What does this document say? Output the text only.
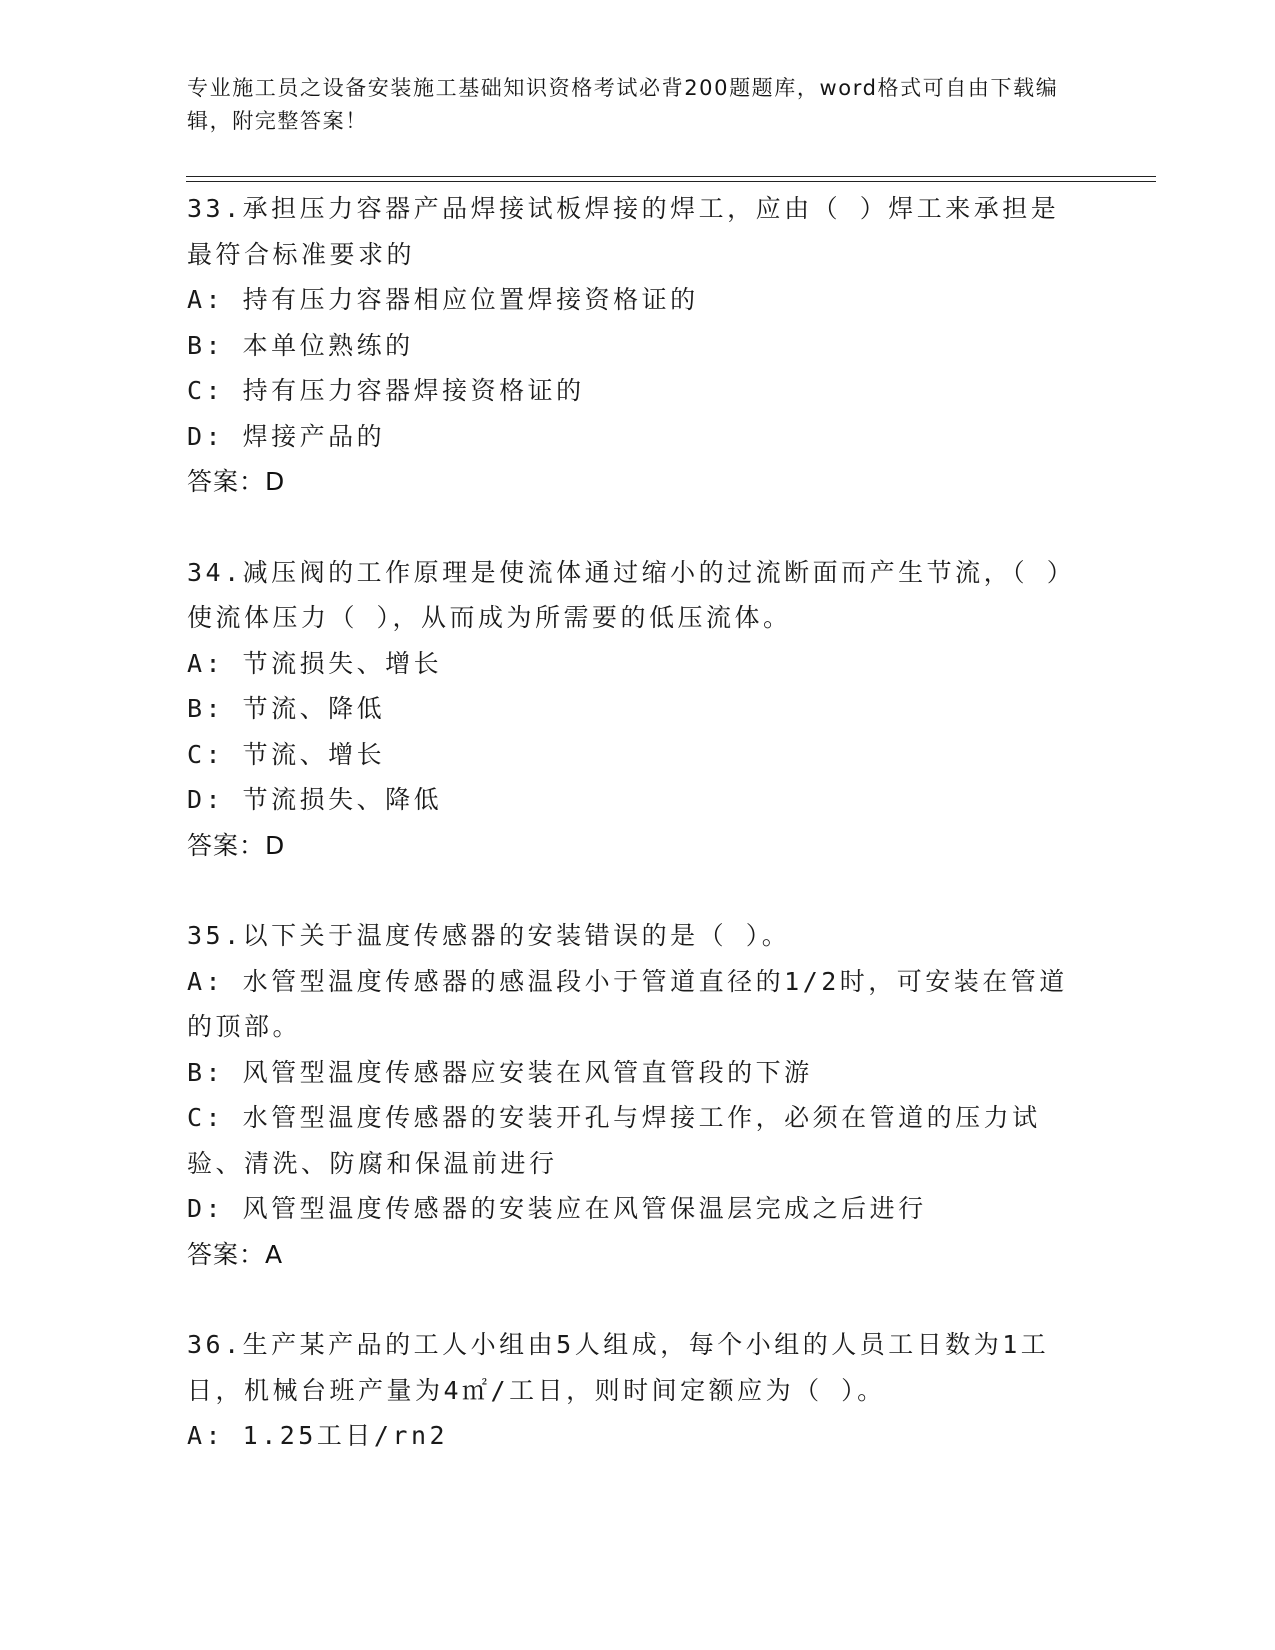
专业施工员之设备安装施工基础知识资格考试必背200题题库，word格式可自由下载编辑，附完整答案！

33.承担压力容器产品焊接试板焊接的焊工，应由（ ）焊工来承担是最符合标准要求的

A: 持有压力容器相应位置焊接资格证的

B: 本单位熟练的

C: 持有压力容器焊接资格证的

D: 焊接产品的

答案：D

34.减压阀的工作原理是使流体通过缩小的过流断面而产生节流，（ ）使流体压力（ ），从而成为所需要的低压流体。

A: 节流损失、增长

B: 节流、降低

C: 节流、增长

D: 节流损失、降低

答案：D

35.以下关于温度传感器的安装错误的是（ ）。

A: 水管型温度传感器的感温段小于管道直径的1/2时，可安装在管道的顶部。

B: 风管型温度传感器应安装在风管直管段的下游

C: 水管型温度传感器的安装开孔与焊接工作，必须在管道的压力试验、清洗、防腐和保温前进行

D: 风管型温度传感器的安装应在风管保温层完成之后进行

答案：A

36.生产某产品的工人小组由5人组成，每个小组的人员工日数为1工日，机械台班产量为4㎡/工日，则时间定额应为（ ）。

A: 1.25工日/rn2
